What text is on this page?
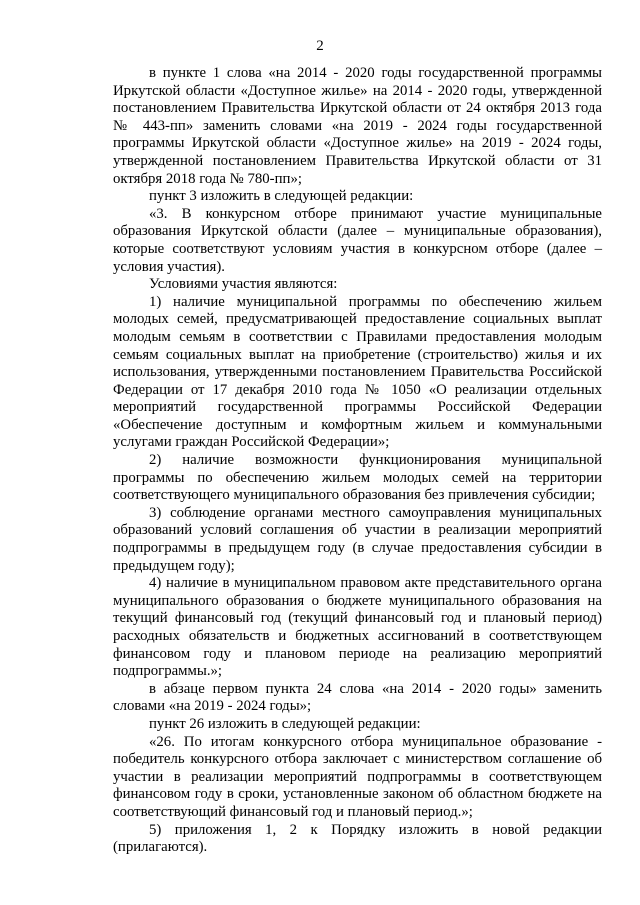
2

в пункте 1 слова «на 2014 - 2020 годы государственной программы Иркутской области «Доступное жилье» на 2014 - 2020 годы, утвержденной постановлением Правительства Иркутской области от 24 октября 2013 года № 443-пп» заменить словами «на 2019 - 2024 годы государственной программы Иркутской области «Доступное жилье» на 2019 - 2024 годы, утвержденной постановлением Правительства Иркутской области от 31 октября 2018 года № 780-пп»;

пункт 3 изложить в следующей редакции:

«3. В конкурсном отборе принимают участие муниципальные образования Иркутской области (далее – муниципальные образования), которые соответствуют условиям участия в конкурсном отборе (далее – условия участия).

Условиями участия являются:

1) наличие муниципальной программы по обеспечению жильем молодых семей, предусматривающей предоставление социальных выплат молодым семьям в соответствии с Правилами предоставления молодым семьям социальных выплат на приобретение (строительство) жилья и их использования, утвержденными постановлением Правительства Российской Федерации от 17 декабря 2010 года № 1050 «О реализации отдельных мероприятий государственной программы Российской Федерации «Обеспечение доступным и комфортным жильем и коммунальными услугами граждан Российской Федерации»;

2) наличие возможности функционирования муниципальной программы по обеспечению жильем молодых семей на территории соответствующего муниципального образования без привлечения субсидии;

3) соблюдение органами местного самоуправления муниципальных образований условий соглашения об участии в реализации мероприятий подпрограммы в предыдущем году (в случае предоставления субсидии в предыдущем году);

4) наличие в муниципальном правовом акте представительного органа муниципального образования о бюджете муниципального образования на текущий финансовый год (текущий финансовый год и плановый период) расходных обязательств и бюджетных ассигнований в соответствующем финансовом году и плановом периоде на реализацию мероприятий подпрограммы.»;

в абзаце первом пункта 24 слова «на 2014 - 2020 годы» заменить словами «на 2019 - 2024 годы»;

пункт 26 изложить в следующей редакции:

«26. По итогам конкурсного отбора муниципальное образование - победитель конкурсного отбора заключает с министерством соглашение об участии в реализации мероприятий подпрограммы в соответствующем финансовом году в сроки, установленные законом об областном бюджете на соответствующий финансовый год и плановый период.»;

5) приложения 1, 2 к Порядку изложить в новой редакции (прилагаются).
